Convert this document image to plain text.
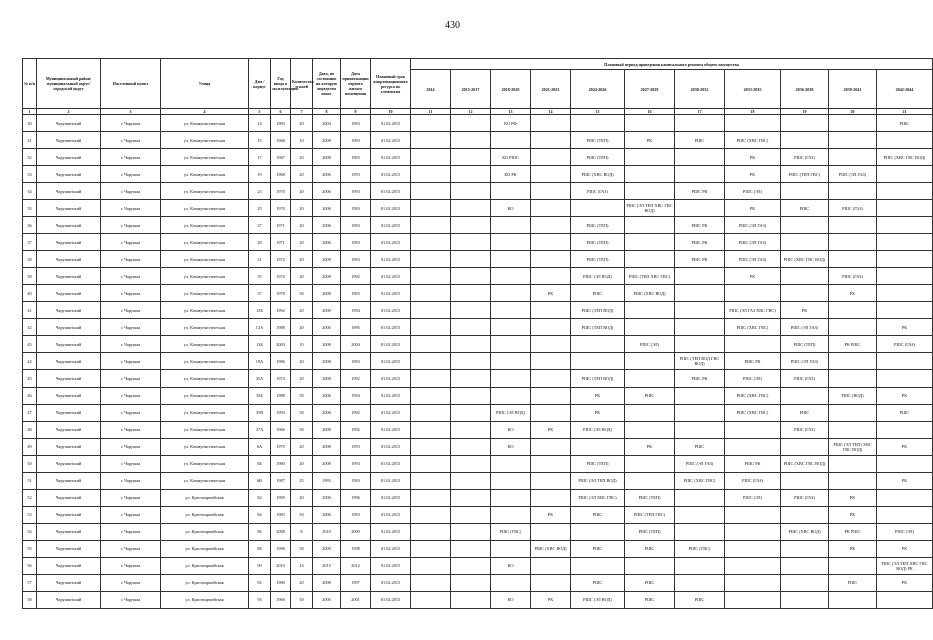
430
№ п/п	Муниципальный район/ муниципальный округ/городской округ	Населенный пункт	Улица	Дом / корпус	Год ввода в эксплуатацию	Количество этажей	Дата, по состоянию на которую определен износ	Дата приватизации первого жилого помещения	Плановый срок амортизационного ресурса по элементам	Плановый период проведения капитального ремонта общего имущества										
										2014	2015-2017	2018-2020	2021-2023	2024-2026	2027-2029	2030-2032	2033-2035	2036-2038	2039-2041	2042-2044
1	2	3	4	5	6	7	8	9	10	11	12	13	14	15	16	17	18	19	20	21
30	Чарушинский	г. Чарушка	ул. Коммунистическая	14	1983	20	2004	1993	01.02.2015			КО РФ								РШС
31	Чарушинский	г. Чарушка	ул. Коммунистическая	15	1968	10	2008	1993	01.02.2015					РШС (ТЕП)	РК	РШС	РШС (ХВС ГВС)			
32	Чарушинский	г. Чарушка	ул. Коммунистическая	17	1967	20	2008	1993	01.02.2015			КО РШС		РШС (ТЕП)			РК	РШС (ГАЗ)		РШС (ХВС ГВС ВОД)
33	Чарушинский	г. Чарушка	ул. Коммунистическая	19	1968	20	2006	1993	01.02.2015			КО РК		РШС (ХВС ВОД)			РК	РШС (ТЕП ГВС)	РШС (ЭЛ ГАЗ)	
34	Чарушинский	г. Чарушка	ул. Коммунистическая	23	1970	20	2006	1993	01.02.2015					РШС (ГАЗ)		РШС РК	РШС (ЭЛ)			
35	Чарушинский	г. Чарушка	ул. Коммунистическая	25	1970	20	2006	1993	01.02.2015			КО			РШС (ЭЛ ТЕП ХВС ГВС ВОД)		РК	РШС	РШС (ГАЗ)	
36	Чарушинский	г. Чарушка	ул. Коммунистическая	27	1971	20	2006	1993	01.02.2015					РШС (ТЕП)		РШС РК	РШС (ЭЛ ГАЗ)			
37	Чарушинский	г. Чарушка	ул. Коммунистическая	29	1971	20	2006	1993	01.02.2015					РШС (ТЕП)		РШС РК	РШС (ЭЛ ГАЗ)			
38	Чарушинский	г. Чарушка	ул. Коммунистическая	31	1972	20	2008	1993	01.02.2015					РШС (ТЕП)		РШС РК	РШС (ЭЛ ГАЗ)	РШС (ХВС ГВС ВОД)		
39	Чарушинский	г. Чарушка	ул. Коммунистическая	35	1974	20	2008	1992	01.02.2015					РШС (ЭЛ ВОД)	РШС (ТЕП ХВС ГВС)		РК		РШС (ГАЗ)	
40	Чарушинский	г. Чарушка	ул. Коммунистическая	37	1978	50	2008	1993	01.02.2015				РК	РШС	РШС (ХВС ВОД)				РК	
41	Чарушинский	г. Чарушка	ул. Коммунистическая	13Б	1992	20	2000	1994	01.02.2015					РШС (ТЕП ВОД)			РШС (ЭЛ ГАЗ ХВС ГВС)	РК		
42	Чарушинский	г. Чарушка	ул. Коммунистическая	13А	1988	20	2000	1995	01.02.2015					РШС (ТЕП ВОД)			РШС (ХВС ГВС)	РШС (ЭЛ ГАЗ)		РК
43	Чарушинский	г. Чарушка	ул. Коммунистическая	13Б	2003	10	2008	2004	01.02.2015						РШС (ЭЛ)			РШС (ТЕП)	РК РШС	РШС (ГАЗ)
44	Чарушинский	г. Чарушка	ул. Коммунистическая	19А	1986	20	2008	1993	01.02.2015							РШС (ТЕП ВОД ГВС ВОД)	РШС РК	РШС (ЭЛ ГАЗ)		
45	Чарушинский	г. Чарушка	ул. Коммунистическая	35А	1974	20	2000	1992	01.02.2015					РШС (ТЕП ВОД)		РШС РК	РШС (ЭЛ)	РШС (ГАЗ)		
46	Чарушинский	г. Чарушка	ул. Коммунистическая	35Б	1988	50	2006	1994	01.02.2015					РК	РШС		РШС (ХВС ГВС)		РШС (ВОД)	РК
47	Чарушинский	г. Чарушка	ул. Коммунистическая	35В	1993	50	2006	1992	01.02.2015			РШС (ЭЛ ВОД)		РК			РШС (ХВС ГВС)	РШС		РШС
48	Чарушинский	г. Чарушка	ул. Коммунистическая	37А	1966	50	2008	1992	01.02.2015			КО	РК	РШС (ЭЛ ВОД)				РШС (ГАЗ)		
49	Чарушинский	г. Чарушка	ул. Коммунистическая	6А	1979	20	2008	1993	01.02.2015			КО			РК	РШС			РШС (ЭЛ ТЕП) ХВС ГВС ВОД)	РК
50	Чарушинский	г. Чарушка	ул. Коммунистическая	6Б	1980	20	2008	1993	01.02.2015					РШС (ТЕП)		РШС (ЭЛ ГАЗ)	РШС РК	РШС (ХВС ГВС ВОД)		
51	Чарушинский	г. Чарушка	ул. Коммунистическая	6В	1987	25	1993	1993	01.02.2015					РШС (ЭЛ ТЕП ВОД)		РШС (ХВС ГВС)	РШС (ГАЗ)			РК
52	Чарушинский	г. Чарушка	ул. Красноармейская	82	1995	20	2000	1996	01.02.2015					РШС (ЭЛ ХВС ГВС)	РШС (ТЕП)		РШС (ЭЛ)	РШС (ГАЗ)	РК	
53	Чарушинский	г. Чарушка	ул. Красноармейская	84	1983	50	2006	1993	01.02.2015				РК	РШС	РШС (ТЕП ГВС)				РК	
54	Чарушинский	г. Чарушка	ул. Красноармейская	86	2008	8	2019	2009	01.02.2015			РШС (ГВС)			РШС (ТЕП)			РШС (ХВС ВОД)	РК РШС	РШС (ЭЛ)
55	Чарушинский	г. Чарушка	ул. Красноармейская	88	1996	50	2000	1998	01.02.2015				РШС (ХВС ВОД)	РШС	РШС	РШС (ГВС)			РК	РК
56	Чарушинский	г. Чарушка	ул. Красноармейская	90	2010	14	2015	2012	01.02.2015			КО								РШС (ЭЛ ТЕП ХВС ГВС ВОД) РК
57	Чарушинский	г. Чарушка	ул. Красноармейская	92	1980	20	2008	1997	01.02.2015					РШС	РШС				РШС	РК
58	Чарушинский	г. Чарушка	ул. Красноармейская	93	1966	50	2000	2001	01.02.2015			КО	РК	РШС (ЭЛ ВОД)	РШС	РШС				
